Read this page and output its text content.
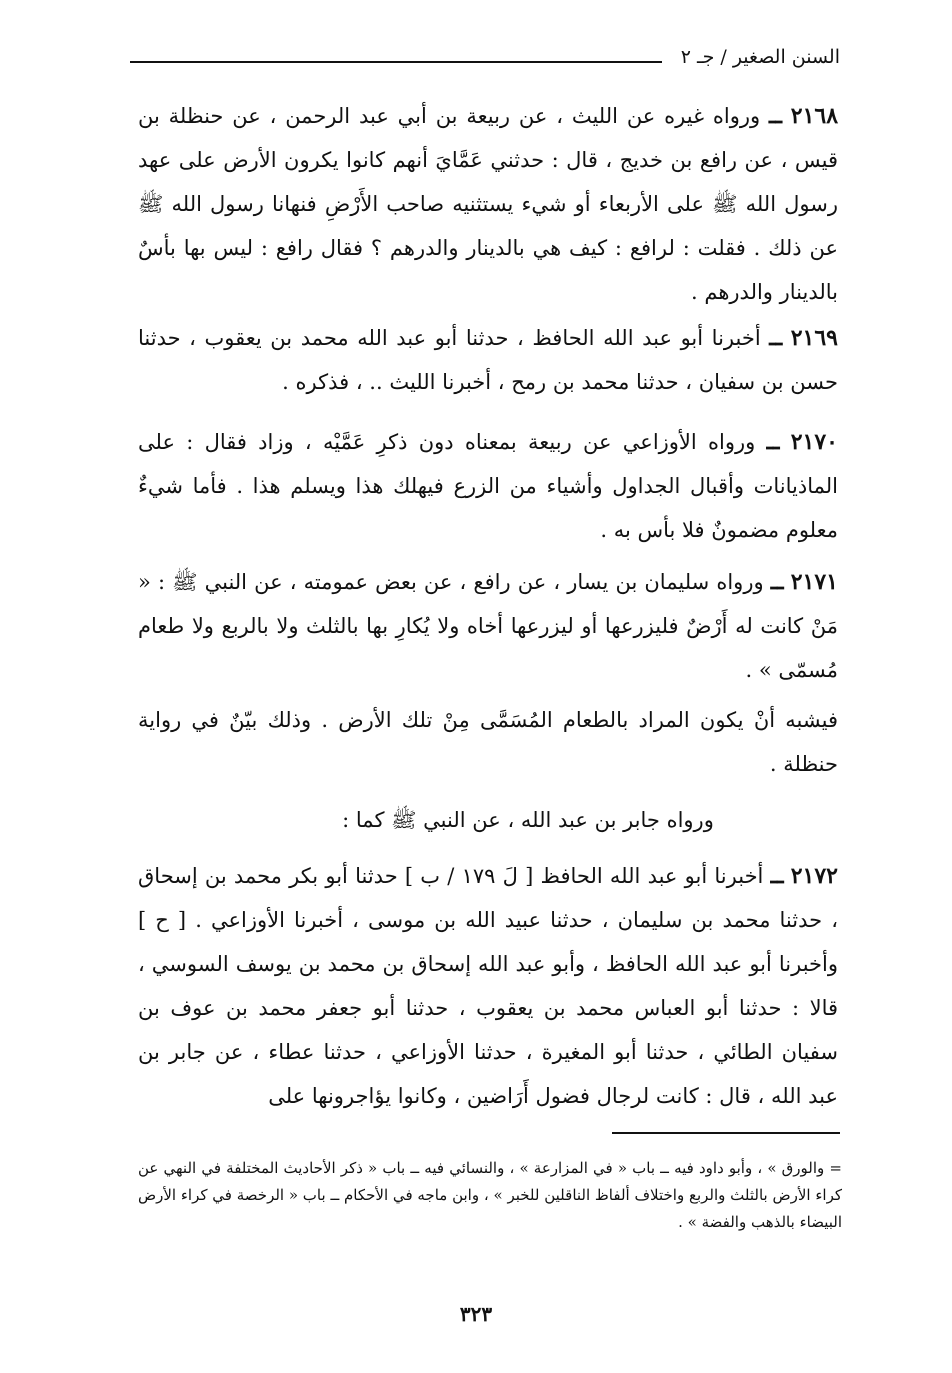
السنن الصغير / جـ ٢
٢١٦٨ ــ ورواه غيره عن الليث ، عن ربيعة بن أبي عبد الرحمن ، عن حنظلة بن قيس ، عن رافع بن خديج ، قال : حدثني عَمَّايَ أنهم كانوا يكرون الأرض على عهد رسول الله ﷺ على الأربعاء أو شيء يستثنيه صاحب الأَرْضِ فنهانا رسول الله ﷺ عن ذلك . فقلت : لرافع : كيف هي بالدينار والدرهم ؟ فقال رافع : ليس بها بأسٌ بالدينار والدرهم .
٢١٦٩ ــ أخبرنا أبو عبد الله الحافظ ، حدثنا أبو عبد الله محمد بن يعقوب ، حدثنا حسن بن سفيان ، حدثنا محمد بن رمح ، أخبرنا الليث .. ، فذكره .
٢١٧٠ ــ ورواه الأوزاعي عن ربيعة بمعناه دون ذكرِ عَمَّيْه ، وزاد فقال : على الماذيانات وأقبال الجداول وأشياء من الزرع فيهلك هذا ويسلم هذا . فأما شيءٌ معلوم مضمونٌ فلا بأس به .
٢١٧١ ــ ورواه سليمان بن يسار ، عن رافع ، عن بعض عمومته ، عن النبي ﷺ : « مَنْ كانت له أَرْضٌ فليزرعها أو ليزرعها أخاه ولا يُكارِ بها بالثلث ولا بالربع ولا طعام مُسمّى » .
فيشبه أنْ يكون المراد بالطعام المُسَمَّى مِنْ تلك الأرض . وذلك بيّنٌ في رواية حنظلة .
ورواه جابر بن عبد الله ، عن النبي ﷺ كما :
٢١٧٢ ــ أخبرنا أبو عبد الله الحافظ [ لَ ١٧٩ / ب ] حدثنا أبو بكر محمد بن إسحاق ، حدثنا محمد بن سليمان ، حدثنا عبيد الله بن موسى ، أخبرنا الأوزاعي . [ ح ] وأخبرنا أبو عبد الله الحافظ ، وأبو عبد الله إسحاق بن محمد بن يوسف السوسي ، قالا : حدثنا أبو العباس محمد بن يعقوب ، حدثنا أبو جعفر محمد بن عوف بن سفيان الطائي ، حدثنا أبو المغيرة ، حدثنا الأوزاعي ، حدثنا عطاء ، عن جابر بن عبد الله ، قال : كانت لرجال فضول أَرَاضين ، وكانوا يؤاجرونها على
= والورق » ، وأبو داود فيه ــ باب « في المزارعة » ، والنسائي فيه ــ باب « ذكر الأحاديث المختلفة في النهي عن كراء الأرض بالثلث والربع واختلاف ألفاظ الناقلين للخبر » ، وابن ماجه في الأحكام ــ باب « الرخصة في كراء الأرض البيضاء بالذهب والفضة » .
٣٢٣
